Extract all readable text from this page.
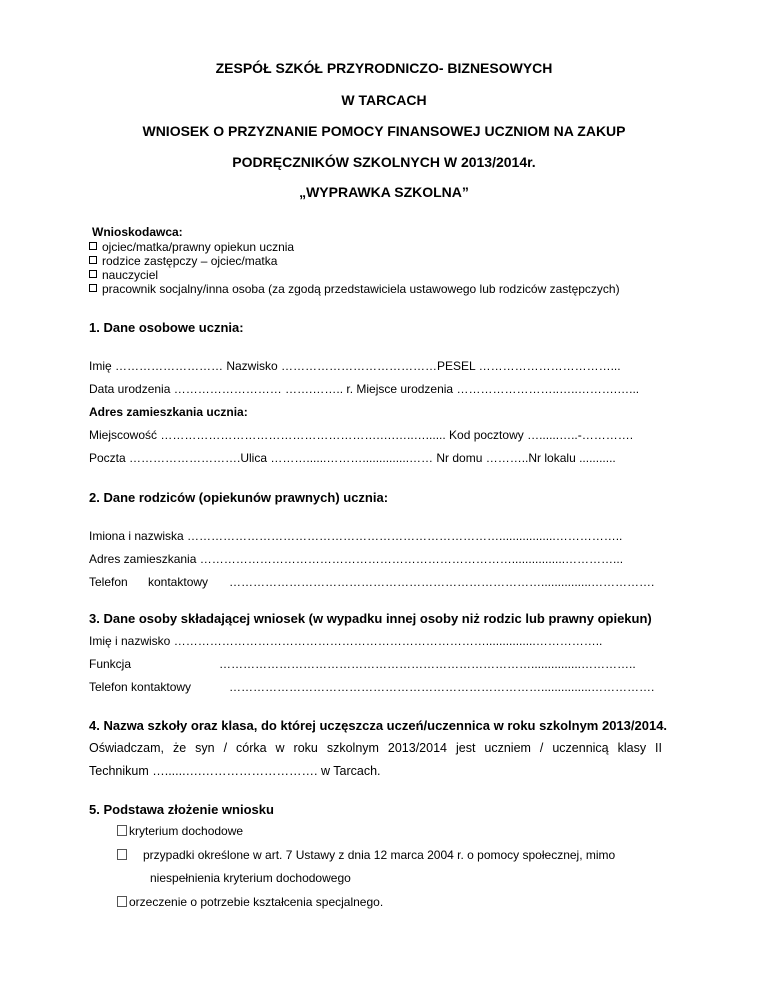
ZESPÓŁ SZKÓŁ PRZYRODNICZO- BIZNESOWYCH
W TARCACH
WNIOSEK O PRZYZNANIE POMOCY FINANSOWEJ UCZNIOM NA ZAKUP
PODRĘCZNIKÓW SZKOLNYCH W 2013/2014r.
„WYPRAWKA SZKOLNA”
Wnioskodawca:
ojciec/matka/prawny opiekun ucznia
rodzice zastępczy – ojciec/matka
nauczyciel
pracownik socjalny/inna osoba (za zgodą przedstawiciela ustawowego lub rodziców zastępczych)
1. Dane osobowe ucznia:
Imię ……………………… Nazwisko …………………………………PESEL ……………………………...
Data urodzenia ……………………… …….…….. r. Miejsce urodzenia ……………………..…..……….…...
Adres zamieszkania ucznia:
Miejscowość ……………………………………………….….…..…...... Kod pocztowy …......…..-………….
Poczta ……………………….Ulica ………......………..............…… Nr domu ………..Nr lokalu ...........
2. Dane rodziców (opiekunów prawnych) ucznia:
Imiona i nazwiska …………………………………………………………………….................……………..
Adres zamieszkania ……………………………………………………………………................…………...
Telefon kontaktowy ……………………………………………………………………...............…………….
3. Dane osoby składającej wniosek (w wypadku innej osoby niż rodzic lub prawny opiekun)
Imię i nazwisko ……………………………………………………………………...............……………..
Funkcja	……………………………………………………………………...............…………..
Telefon kontaktowy	……………………………………………………………………...............…………….
4. Nazwa szkoły oraz klasa, do której uczęszcza uczeń/uczennica w roku szkolnym 2013/2014.
Oświadczam, że syn / córka w roku szkolnym 2013/2014 jest uczniem / uczennicą klasy II
Technikum …......….………………………. w Tarcach.
5. Podstawa złożenie wniosku
kryterium dochodowe
przypadki określone w art. 7 Ustawy z dnia 12 marca 2004 r. o pomocy społecznej, mimo
niespełnienia kryterium dochodowego
orzeczenie o potrzebie kształcenia specjalnego.
